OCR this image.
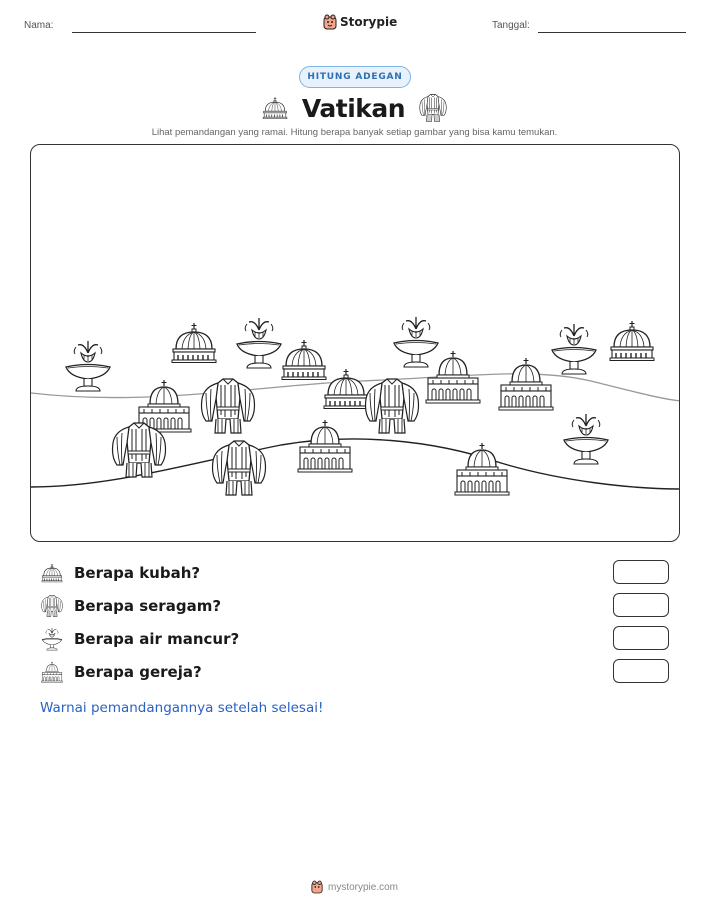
Nama:	Storypie	Tanggal:
HITUNG ADEGAN
Vatikan
Lihat pemandangan yang ramai. Hitung berapa banyak setiap gambar yang bisa kamu temukan.
Berapa kubah?
Berapa seragam?
Berapa air mancur?
Berapa gereja?
Warnai pemandangannya setelah selesai!
mystorypie.com
